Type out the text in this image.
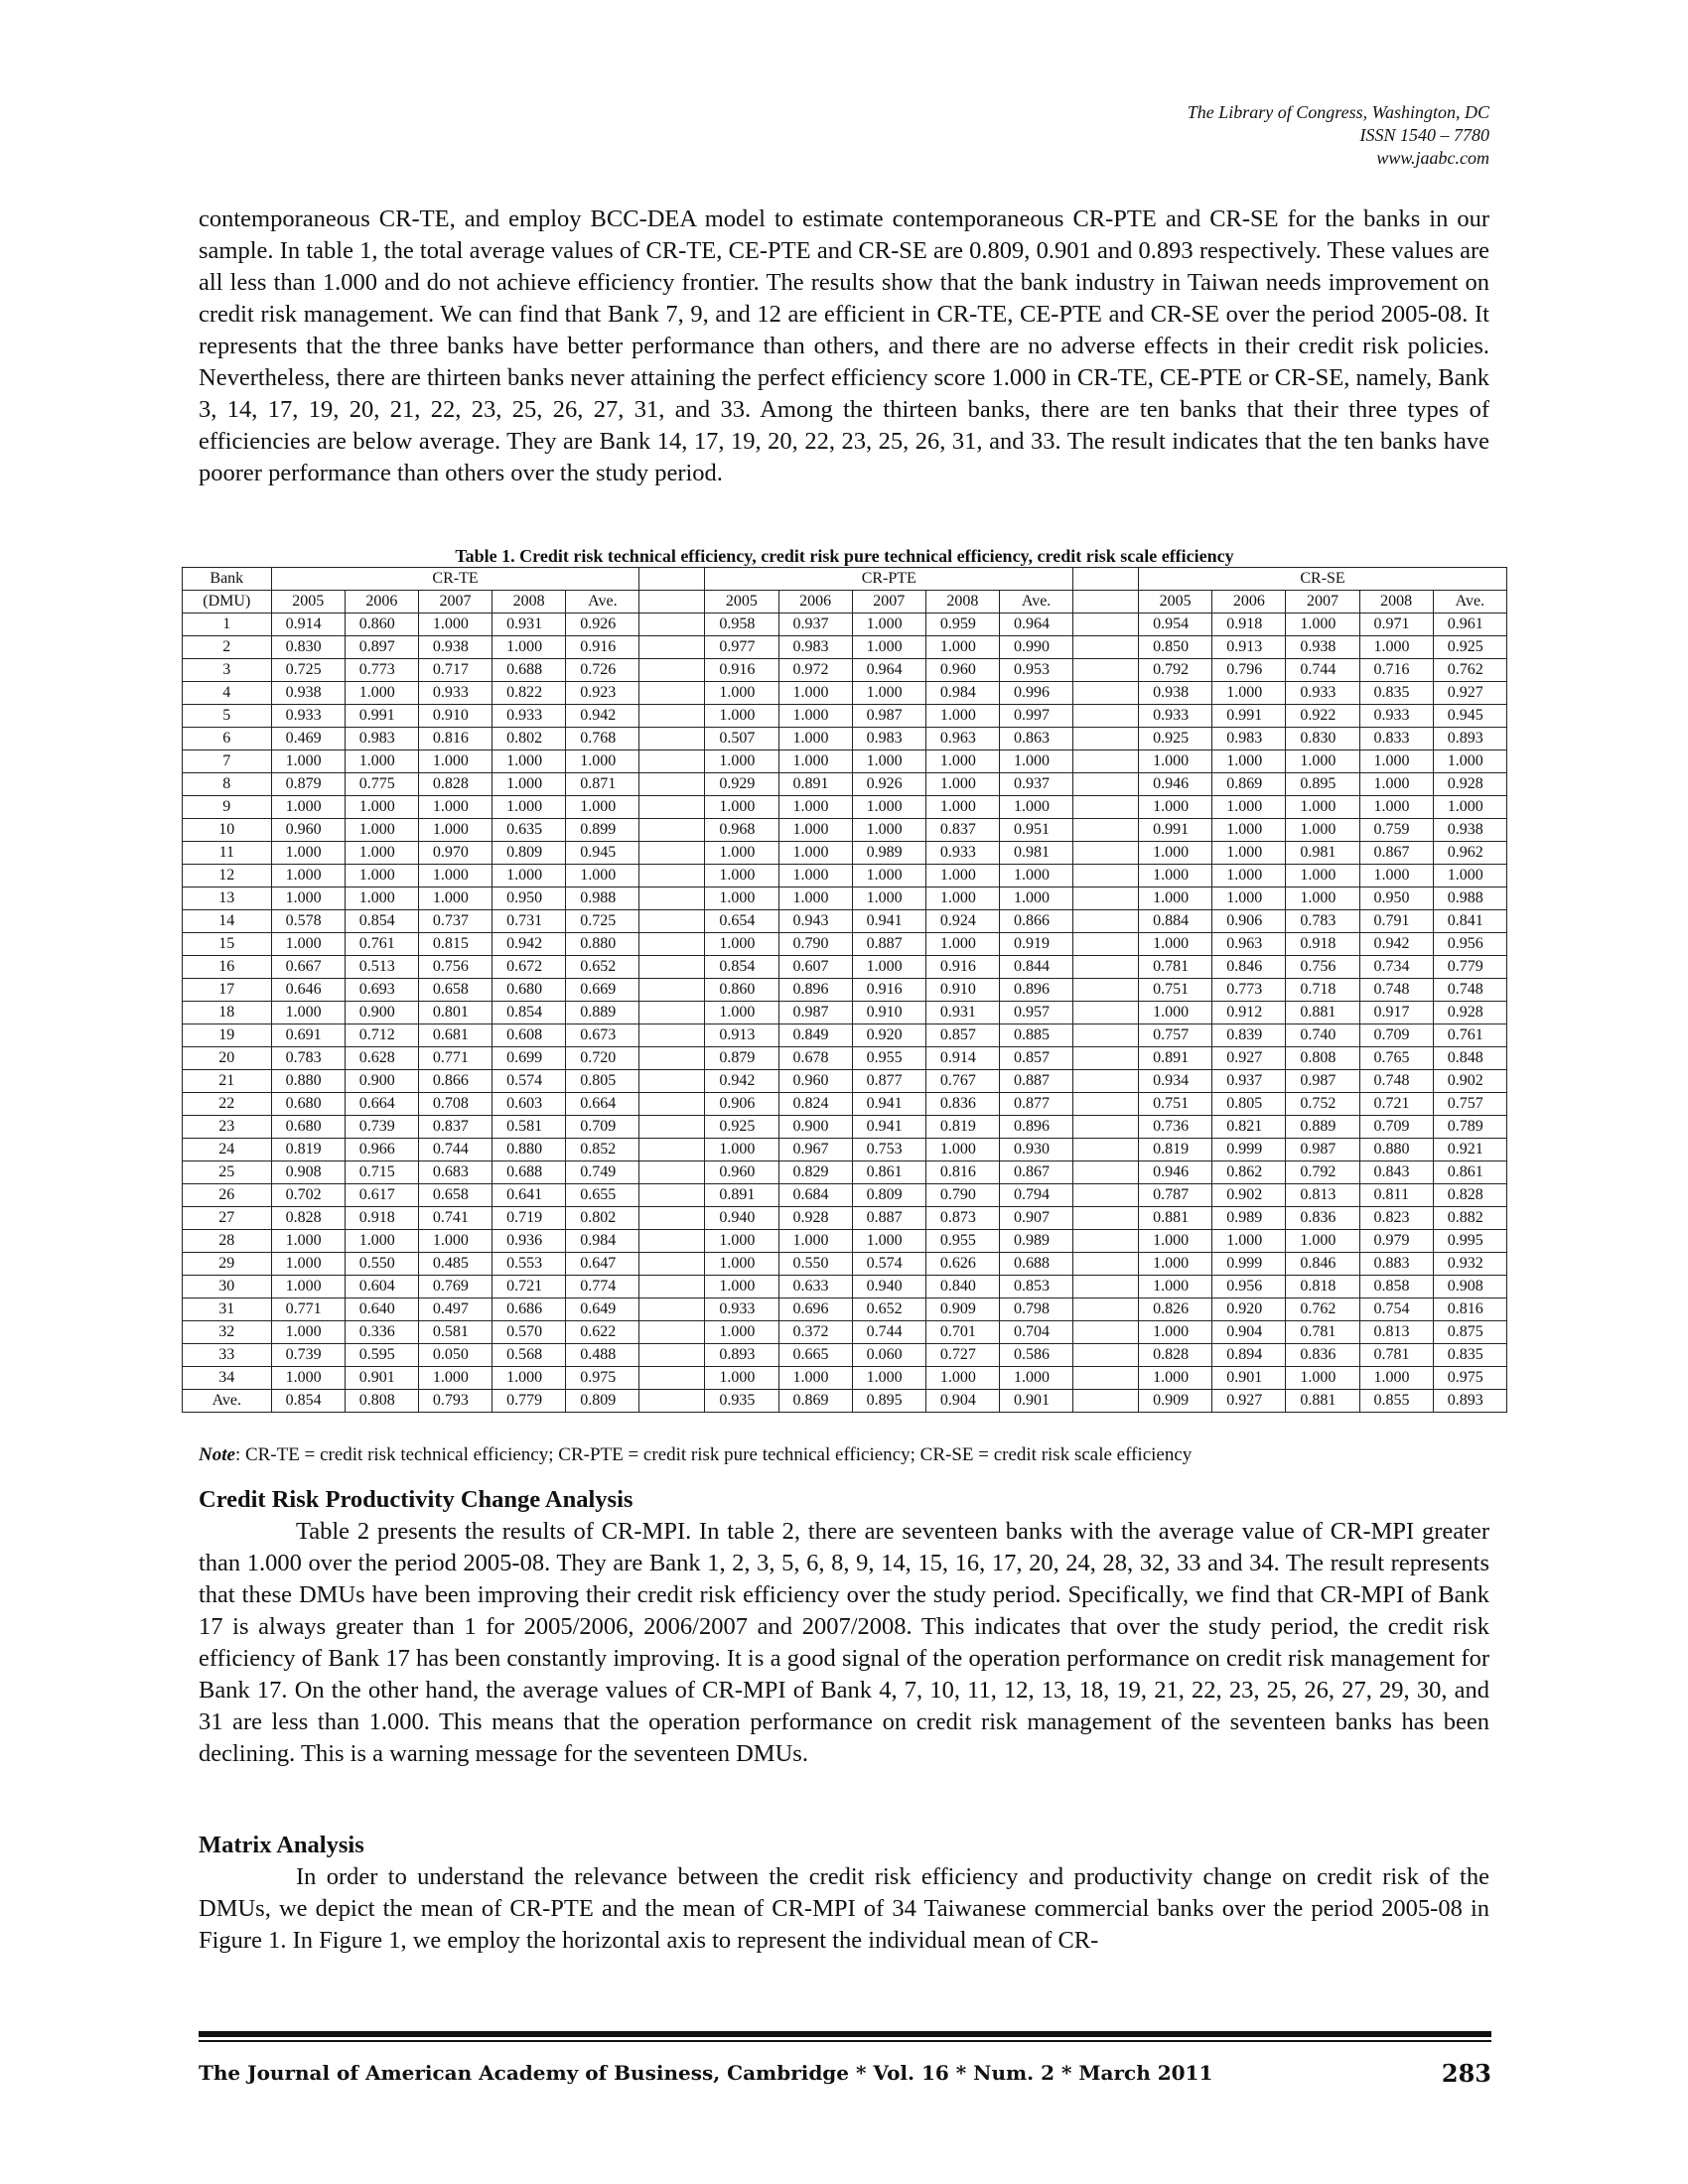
The Library of Congress, Washington, DC
ISSN 1540 – 7780
www.jaabc.com

contemporaneous CR-TE, and employ BCC-DEA model to estimate contemporaneous CR-PTE and CR-SE for the banks in our sample. In table 1, the total average values of CR-TE, CE-PTE and CR-SE are 0.809, 0.901 and 0.893 respectively. These values are all less than 1.000 and do not achieve efficiency frontier. The results show that the bank industry in Taiwan needs improvement on credit risk management. We can find that Bank 7, 9, and 12 are efficient in CR-TE, CE-PTE and CR-SE over the period 2005-08. It represents that the three banks have better performance than others, and there are no adverse effects in their credit risk policies. Nevertheless, there are thirteen banks never attaining the perfect efficiency score 1.000 in CR-TE, CE-PTE or CR-SE, namely, Bank 3, 14, 17, 19, 20, 21, 22, 23, 25, 26, 27, 31, and 33. Among the thirteen banks, there are ten banks that their three types of efficiencies are below average. They are Bank 14, 17, 19, 20, 22, 23, 25, 26, 31, and 33. The result indicates that the ten banks have poorer performance than others over the study period.

Table 1. Credit risk technical efficiency, credit risk pure technical efficiency, credit risk scale efficiency
Bank	CR-TE						CR-PTE						CR-SE				
(DMU)	2005	2006	2007	2008	Ave.		2005	2006	2007	2008	Ave.		2005	2006	2007	2008	Ave.
1	0.914	0.860	1.000	0.931	0.926		0.958	0.937	1.000	0.959	0.964		0.954	0.918	1.000	0.971	0.961
2	0.830	0.897	0.938	1.000	0.916		0.977	0.983	1.000	1.000	0.990		0.850	0.913	0.938	1.000	0.925
3	0.725	0.773	0.717	0.688	0.726		0.916	0.972	0.964	0.960	0.953		0.792	0.796	0.744	0.716	0.762
4	0.938	1.000	0.933	0.822	0.923		1.000	1.000	1.000	0.984	0.996		0.938	1.000	0.933	0.835	0.927
5	0.933	0.991	0.910	0.933	0.942		1.000	1.000	0.987	1.000	0.997		0.933	0.991	0.922	0.933	0.945
6	0.469	0.983	0.816	0.802	0.768		0.507	1.000	0.983	0.963	0.863		0.925	0.983	0.830	0.833	0.893
7	1.000	1.000	1.000	1.000	1.000		1.000	1.000	1.000	1.000	1.000		1.000	1.000	1.000	1.000	1.000
8	0.879	0.775	0.828	1.000	0.871		0.929	0.891	0.926	1.000	0.937		0.946	0.869	0.895	1.000	0.928
9	1.000	1.000	1.000	1.000	1.000		1.000	1.000	1.000	1.000	1.000		1.000	1.000	1.000	1.000	1.000
10	0.960	1.000	1.000	0.635	0.899		0.968	1.000	1.000	0.837	0.951		0.991	1.000	1.000	0.759	0.938
11	1.000	1.000	0.970	0.809	0.945		1.000	1.000	0.989	0.933	0.981		1.000	1.000	0.981	0.867	0.962
12	1.000	1.000	1.000	1.000	1.000		1.000	1.000	1.000	1.000	1.000		1.000	1.000	1.000	1.000	1.000
13	1.000	1.000	1.000	0.950	0.988		1.000	1.000	1.000	1.000	1.000		1.000	1.000	1.000	0.950	0.988
14	0.578	0.854	0.737	0.731	0.725		0.654	0.943	0.941	0.924	0.866		0.884	0.906	0.783	0.791	0.841
15	1.000	0.761	0.815	0.942	0.880		1.000	0.790	0.887	1.000	0.919		1.000	0.963	0.918	0.942	0.956
16	0.667	0.513	0.756	0.672	0.652		0.854	0.607	1.000	0.916	0.844		0.781	0.846	0.756	0.734	0.779
17	0.646	0.693	0.658	0.680	0.669		0.860	0.896	0.916	0.910	0.896		0.751	0.773	0.718	0.748	0.748
18	1.000	0.900	0.801	0.854	0.889		1.000	0.987	0.910	0.931	0.957		1.000	0.912	0.881	0.917	0.928
19	0.691	0.712	0.681	0.608	0.673		0.913	0.849	0.920	0.857	0.885		0.757	0.839	0.740	0.709	0.761
20	0.783	0.628	0.771	0.699	0.720		0.879	0.678	0.955	0.914	0.857		0.891	0.927	0.808	0.765	0.848
21	0.880	0.900	0.866	0.574	0.805		0.942	0.960	0.877	0.767	0.887		0.934	0.937	0.987	0.748	0.902
22	0.680	0.664	0.708	0.603	0.664		0.906	0.824	0.941	0.836	0.877		0.751	0.805	0.752	0.721	0.757
23	0.680	0.739	0.837	0.581	0.709		0.925	0.900	0.941	0.819	0.896		0.736	0.821	0.889	0.709	0.789
24	0.819	0.966	0.744	0.880	0.852		1.000	0.967	0.753	1.000	0.930		0.819	0.999	0.987	0.880	0.921
25	0.908	0.715	0.683	0.688	0.749		0.960	0.829	0.861	0.816	0.867		0.946	0.862	0.792	0.843	0.861
26	0.702	0.617	0.658	0.641	0.655		0.891	0.684	0.809	0.790	0.794		0.787	0.902	0.813	0.811	0.828
27	0.828	0.918	0.741	0.719	0.802		0.940	0.928	0.887	0.873	0.907		0.881	0.989	0.836	0.823	0.882
28	1.000	1.000	1.000	0.936	0.984		1.000	1.000	1.000	0.955	0.989		1.000	1.000	1.000	0.979	0.995
29	1.000	0.550	0.485	0.553	0.647		1.000	0.550	0.574	0.626	0.688		1.000	0.999	0.846	0.883	0.932
30	1.000	0.604	0.769	0.721	0.774		1.000	0.633	0.940	0.840	0.853		1.000	0.956	0.818	0.858	0.908
31	0.771	0.640	0.497	0.686	0.649		0.933	0.696	0.652	0.909	0.798		0.826	0.920	0.762	0.754	0.816
32	1.000	0.336	0.581	0.570	0.622		1.000	0.372	0.744	0.701	0.704		1.000	0.904	0.781	0.813	0.875
33	0.739	0.595	0.050	0.568	0.488		0.893	0.665	0.060	0.727	0.586		0.828	0.894	0.836	0.781	0.835
34	1.000	0.901	1.000	1.000	0.975		1.000	1.000	1.000	1.000	1.000		1.000	0.901	1.000	1.000	0.975
Ave.	0.854	0.808	0.793	0.779	0.809		0.935	0.869	0.895	0.904	0.901		0.909	0.927	0.881	0.855	0.893
Note: CR-TE = credit risk technical efficiency; CR-PTE = credit risk pure technical efficiency; CR-SE = credit risk scale efficiency
Credit Risk Productivity Change Analysis

Table 2 presents the results of CR-MPI. In table 2, there are seventeen banks with the average value of CR-MPI greater than 1.000 over the period 2005-08. They are Bank 1, 2, 3, 5, 6, 8, 9, 14, 15, 16, 17, 20, 24, 28, 32, 33 and 34. The result represents that these DMUs have been improving their credit risk efficiency over the study period. Specifically, we find that CR-MPI of Bank 17 is always greater than 1 for 2005/2006, 2006/2007 and 2007/2008. This indicates that over the study period, the credit risk efficiency of Bank 17 has been constantly improving. It is a good signal of the operation performance on credit risk management for Bank 17. On the other hand, the average values of CR-MPI of Bank 4, 7, 10, 11, 12, 13, 18, 19, 21, 22, 23, 25, 26, 27, 29, 30, and 31 are less than 1.000. This means that the operation performance on credit risk management of the seventeen banks has been declining. This is a warning message for the seventeen DMUs.

Matrix Analysis

In order to understand the relevance between the credit risk efficiency and productivity change on credit risk of the DMUs, we depict the mean of CR-PTE and the mean of CR-MPI of 34 Taiwanese commercial banks over the period 2005-08 in Figure 1. In Figure 1, we employ the horizontal axis to represent the individual mean of CR-

The Journal of American Academy of Business, Cambridge * Vol. 16 * Num. 2 * March 2011	283
